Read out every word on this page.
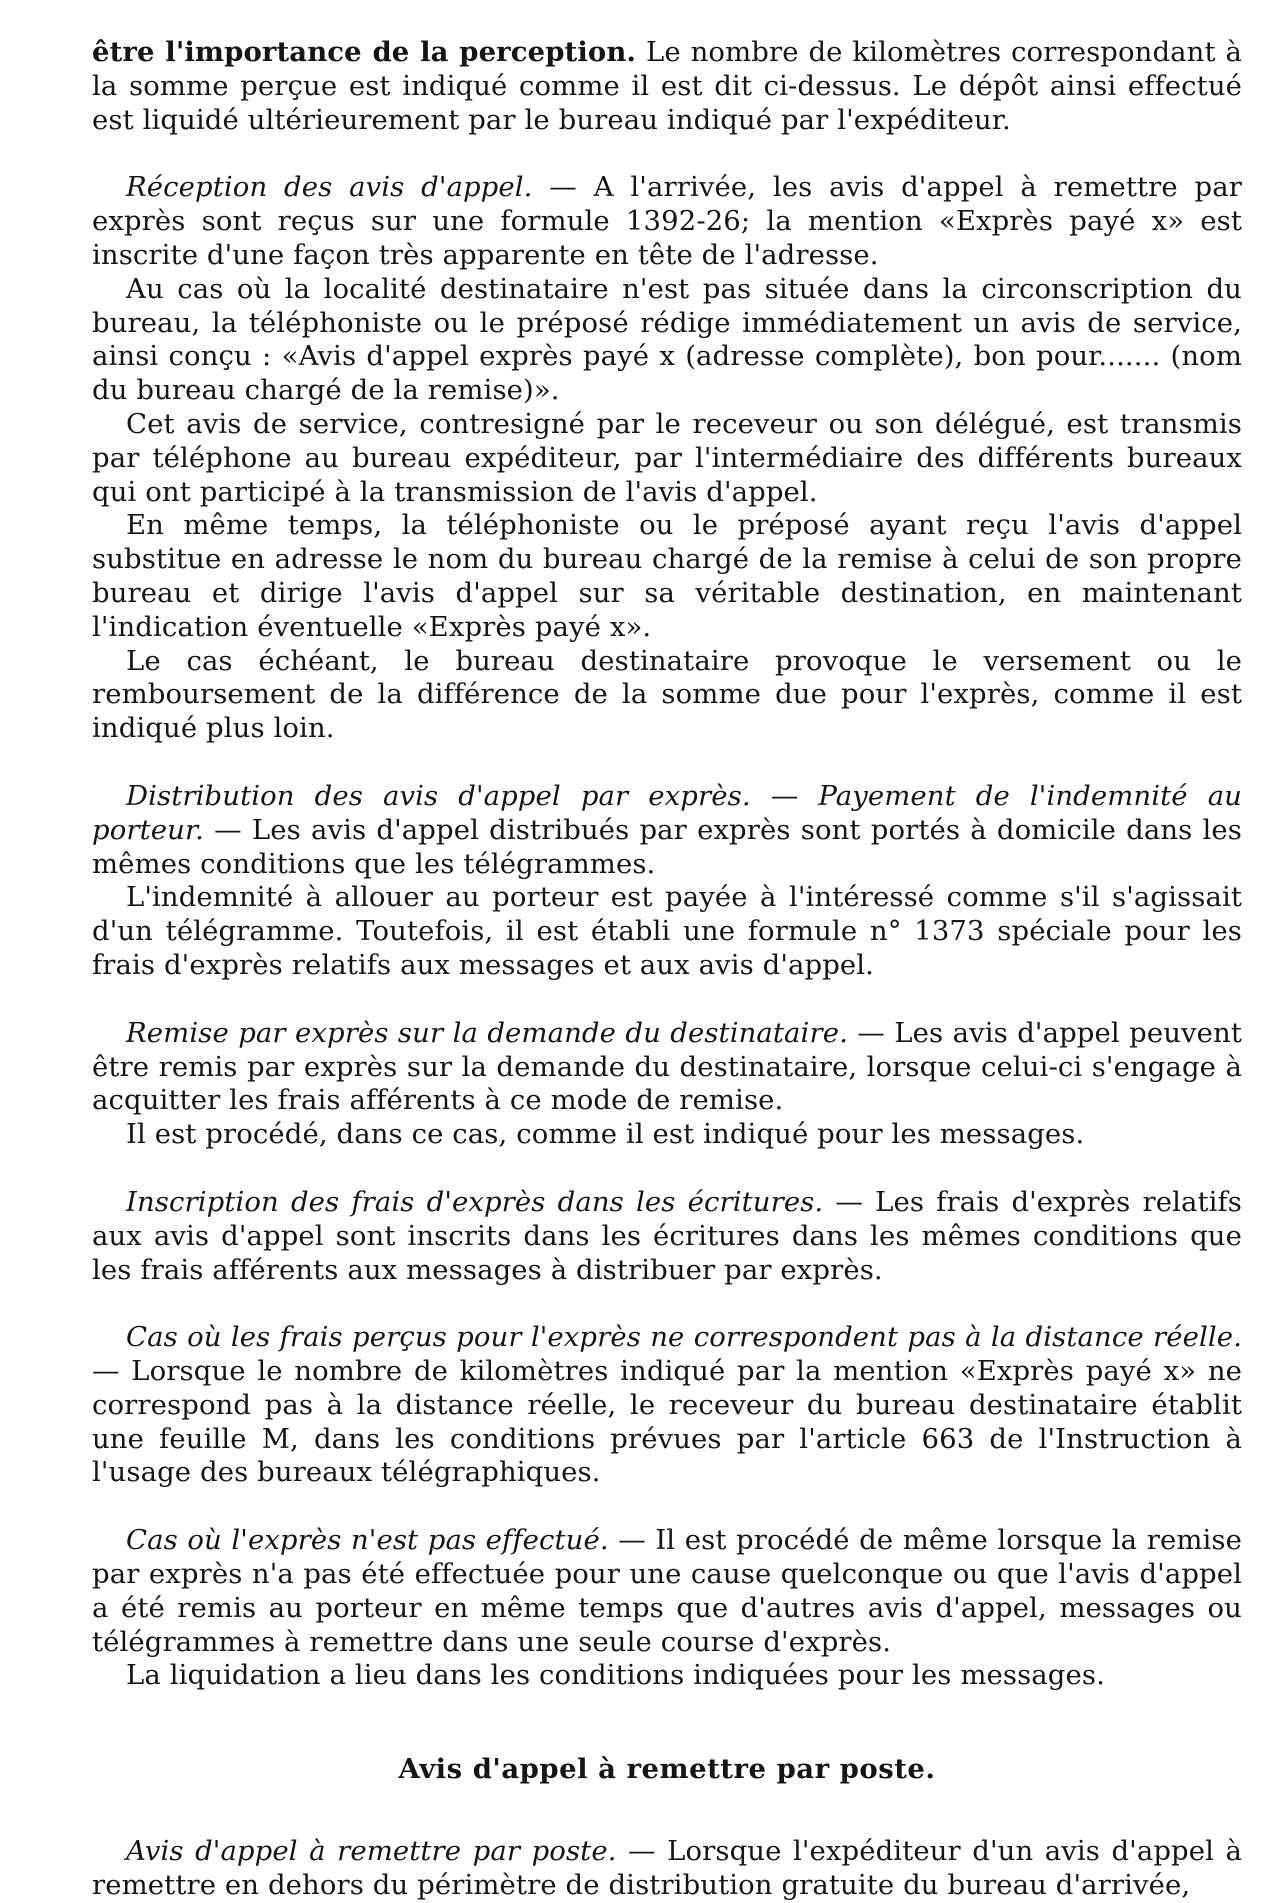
être l'importance de la perception. Le nombre de kilomètres correspondant à la somme perçue est indiqué comme il est dit ci-dessus. Le dépôt ainsi effectué est liquidé ultérieurement par le bureau indiqué par l'expéditeur.

Réception des avis d'appel. — A l'arrivée, les avis d'appel à remettre par exprès sont reçus sur une formule 1392-26; la mention «Exprès payé x» est inscrite d'une façon très apparente en tête de l'adresse.

Au cas où la localité destinataire n'est pas située dans la circonscription du bureau, la téléphoniste ou le préposé rédige immédiatement un avis de service, ainsi conçu : «Avis d'appel exprès payé x (adresse complète), bon pour....... (nom du bureau chargé de la remise)».

Cet avis de service, contresigné par le receveur ou son délégué, est transmis par téléphone au bureau expéditeur, par l'intermédiaire des différents bureaux qui ont participé à la transmission de l'avis d'appel.

En même temps, la téléphoniste ou le préposé ayant reçu l'avis d'appel substitue en adresse le nom du bureau chargé de la remise à celui de son propre bureau et dirige l'avis d'appel sur sa véritable destination, en maintenant l'indication éventuelle «Exprès payé x».

Le cas échéant, le bureau destinataire provoque le versement ou le remboursement de la différence de la somme due pour l'exprès, comme il est indiqué plus loin.

Distribution des avis d'appel par exprès. — Payement de l'indemnité au porteur. — Les avis d'appel distribués par exprès sont portés à domicile dans les mêmes conditions que les télégrammes.

L'indemnité à allouer au porteur est payée à l'intéressé comme s'il s'agissait d'un télégramme. Toutefois, il est établi une formule n° 1373 spéciale pour les frais d'exprès relatifs aux messages et aux avis d'appel.

Remise par exprès sur la demande du destinataire. — Les avis d'appel peuvent être remis par exprès sur la demande du destinataire, lorsque celui-ci s'engage à acquitter les frais afférents à ce mode de remise.

Il est procédé, dans ce cas, comme il est indiqué pour les messages.

Inscription des frais d'exprès dans les écritures. — Les frais d'exprès relatifs aux avis d'appel sont inscrits dans les écritures dans les mêmes conditions que les frais afférents aux messages à distribuer par exprès.

Cas où les frais perçus pour l'exprès ne correspondent pas à la distance réelle. — Lorsque le nombre de kilomètres indiqué par la mention «Exprès payé x» ne correspond pas à la distance réelle, le receveur du bureau destinataire établit une feuille M, dans les conditions prévues par l'article 663 de l'Instruction à l'usage des bureaux télégraphiques.

Cas où l'exprès n'est pas effectué. — Il est procédé de même lorsque la remise par exprès n'a pas été effectuée pour une cause quelconque ou que l'avis d'appel a été remis au porteur en même temps que d'autres avis d'appel, messages ou télégrammes à remettre dans une seule course d'exprès.

La liquidation a lieu dans les conditions indiquées pour les messages.

Avis d'appel à remettre par poste.

Avis d'appel à remettre par poste. — Lorsque l'expéditeur d'un avis d'appel à remettre en dehors du périmètre de distribution gratuite du bureau d'arrivée,
